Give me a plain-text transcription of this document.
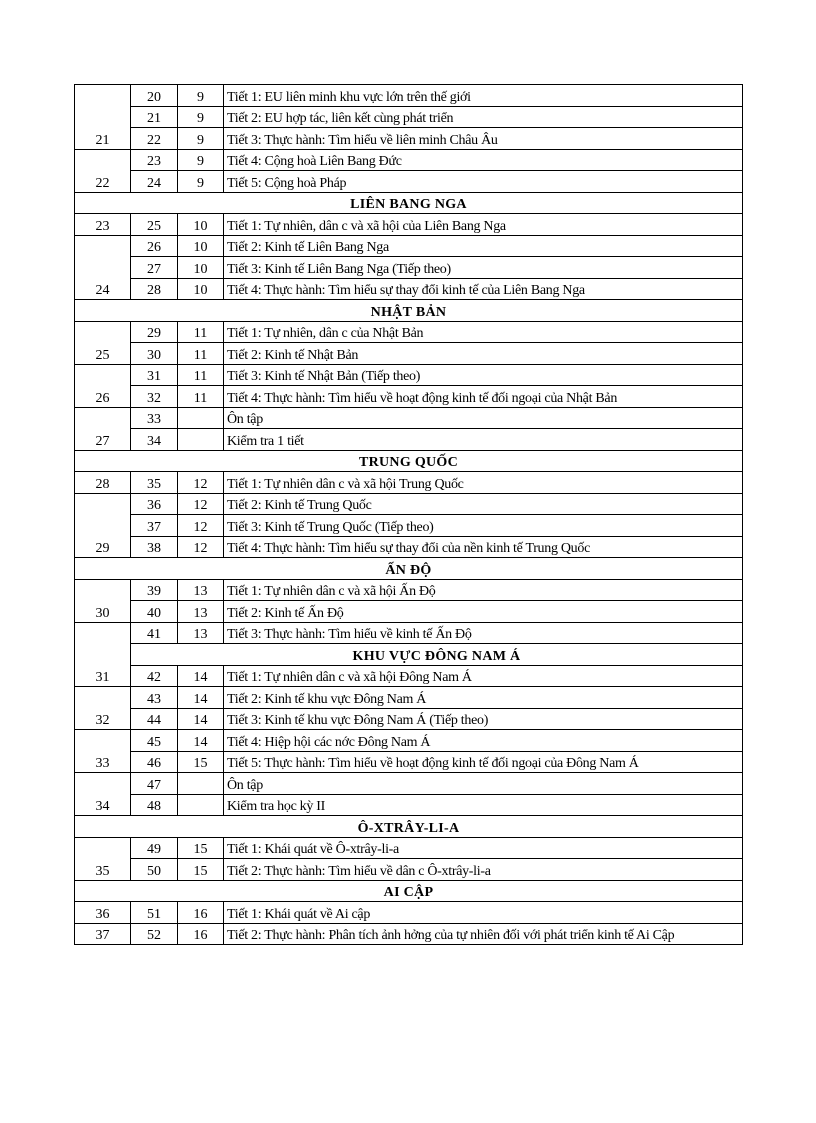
	20	9	Tiết 1: EU liên minh khu vực lớn trên thế giới
	21	9	Tiết 2: EU hợp tác, liên kết cùng phát triển
21	22	9	Tiết 3: Thực hành: Tìm hiểu về liên minh Châu Âu
	23	9	Tiết 4: Cộng hoà Liên Bang Đức
22	24	9	Tiết 5: Cộng hoà Pháp
LIÊN BANG NGA			
23	25	10	Tiết 1: Tự nhiên, dân c và xã hội của Liên Bang Nga
	26	10	Tiết 2: Kinh tế Liên Bang Nga
	27	10	Tiết 3: Kinh tế Liên Bang Nga (Tiếp theo)
24	28	10	Tiết 4: Thực hành: Tìm hiểu sự thay đổi kinh tế của Liên Bang Nga
NHẬT BẢN			
	29	11	Tiết 1: Tự nhiên, dân c của Nhật Bản
25	30	11	Tiết 2: Kinh tế Nhật Bản
	31	11	Tiết 3: Kinh tế Nhật Bản (Tiếp theo)
26	32	11	Tiết 4: Thực hành: Tìm hiểu về hoạt động kinh tế đối ngoại của Nhật Bản
	33		Ôn tập
27	34		Kiểm tra 1 tiết
TRUNG QUỐC			
28	35	12	Tiết 1: Tự nhiên dân c và xã hội Trung Quốc
	36	12	Tiết 2: Kinh tế Trung Quốc
	37	12	Tiết 3: Kinh tế Trung Quốc (Tiếp theo)
29	38	12	Tiết 4: Thực hành: Tìm hiểu sự thay đổi của nền kinh tế Trung Quốc
ẤN ĐỘ			
	39	13	Tiết 1: Tự nhiên dân c và xã hội Ấn Độ
30	40	13	Tiết 2: Kinh tế Ấn Độ
	41	13	Tiết 3: Thực hành: Tìm hiểu về kinh tế Ấn Độ
	KHU VỰC ĐÔNG NAM Á		
31	42	14	Tiết 1: Tự nhiên dân c và xã hội Đông Nam Á
	43	14	Tiết 2: Kinh tế khu vực Đông Nam Á
32	44	14	Tiết 3: Kinh tế khu vực Đông Nam Á (Tiếp theo)
	45	14	Tiết 4: Hiệp hội các nớc Đông Nam Á
33	46	15	Tiết 5: Thực hành: Tìm hiểu về hoạt động kinh tế đối ngoại của Đông Nam Á
	47		Ôn tập
34	48		Kiểm tra học kỳ II
Ô-XTRÂY-LI-A			
	49	15	Tiết 1: Khái quát về Ô-xtrây-li-a
35	50	15	Tiết 2: Thực hành: Tìm hiểu về dân c Ô-xtrây-li-a
AI CẬP			
36	51	16	Tiết 1: Khái quát về Ai cập
37	52	16	Tiết 2: Thực hành: Phân tích ảnh hởng của tự nhiên đối với phát triển kinh tế Ai Cập
